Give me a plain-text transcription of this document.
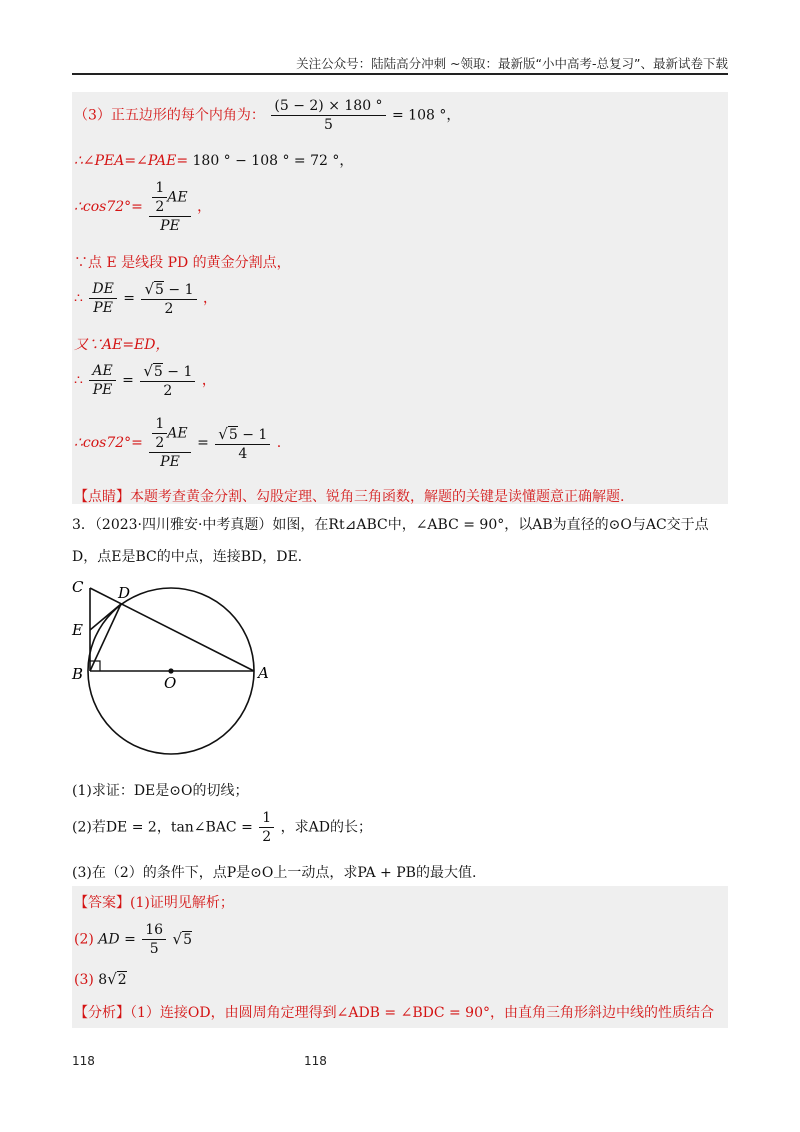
关注公众号：陆陆高分冲刺 ~领取：最新版“小中高考-总复习”、最新试卷下载
（3）正五边形的每个内角为： $\frac{(5 - 2) \times 180 ^\circ}{5} = 108$ °，
∴∠PEA=∠PAE= 180 ° − 108 ° = 72 °，
∴cos72°= $\frac{\frac{1}{2} AE}{PE}$ ，
∵点 E 是线段 PD 的黄金分割点，
∴ $\frac{DE}{PE} = \frac{√5 - 1}{2}$ ，
又∵AE=ED，
∴ $\frac{AE}{PE} = \frac{√5 - 1}{2}$ ，
∴cos72°= $\frac{\frac{1}{2} AE}{PE} = \frac{√5 - 1}{4}$ .
【点睛】本题考查黄金分割、勾股定理、锐角三角函数，解题的关键是读懂题意正确解题.
3．（2023·四川雅安·中考真题）如图，在Rt⊿ABC中，∠ABC = 90°，以AB为直径的⊙O与AC交于点
D，点E是BC的中点，连接BD，DE.
C D
E
B	O
A
(1)求证：DE是⊙O的切线；
(2)若DE = 2，tan∠BAC = $\frac{1}{2}$ ，求AD的长；
(3)在（2）的条件下，点P是⊙O上一动点，求PA + PB的最大值.
【答案】(1)证明见解析；
(2) AD = $\frac{16}{5} √5$
(3) 8√2
【分析】（1）连接OD，由圆周角定理得到∠ADB = ∠BDC = 90°，由直角三角形斜边中线的性质结合
118	118
